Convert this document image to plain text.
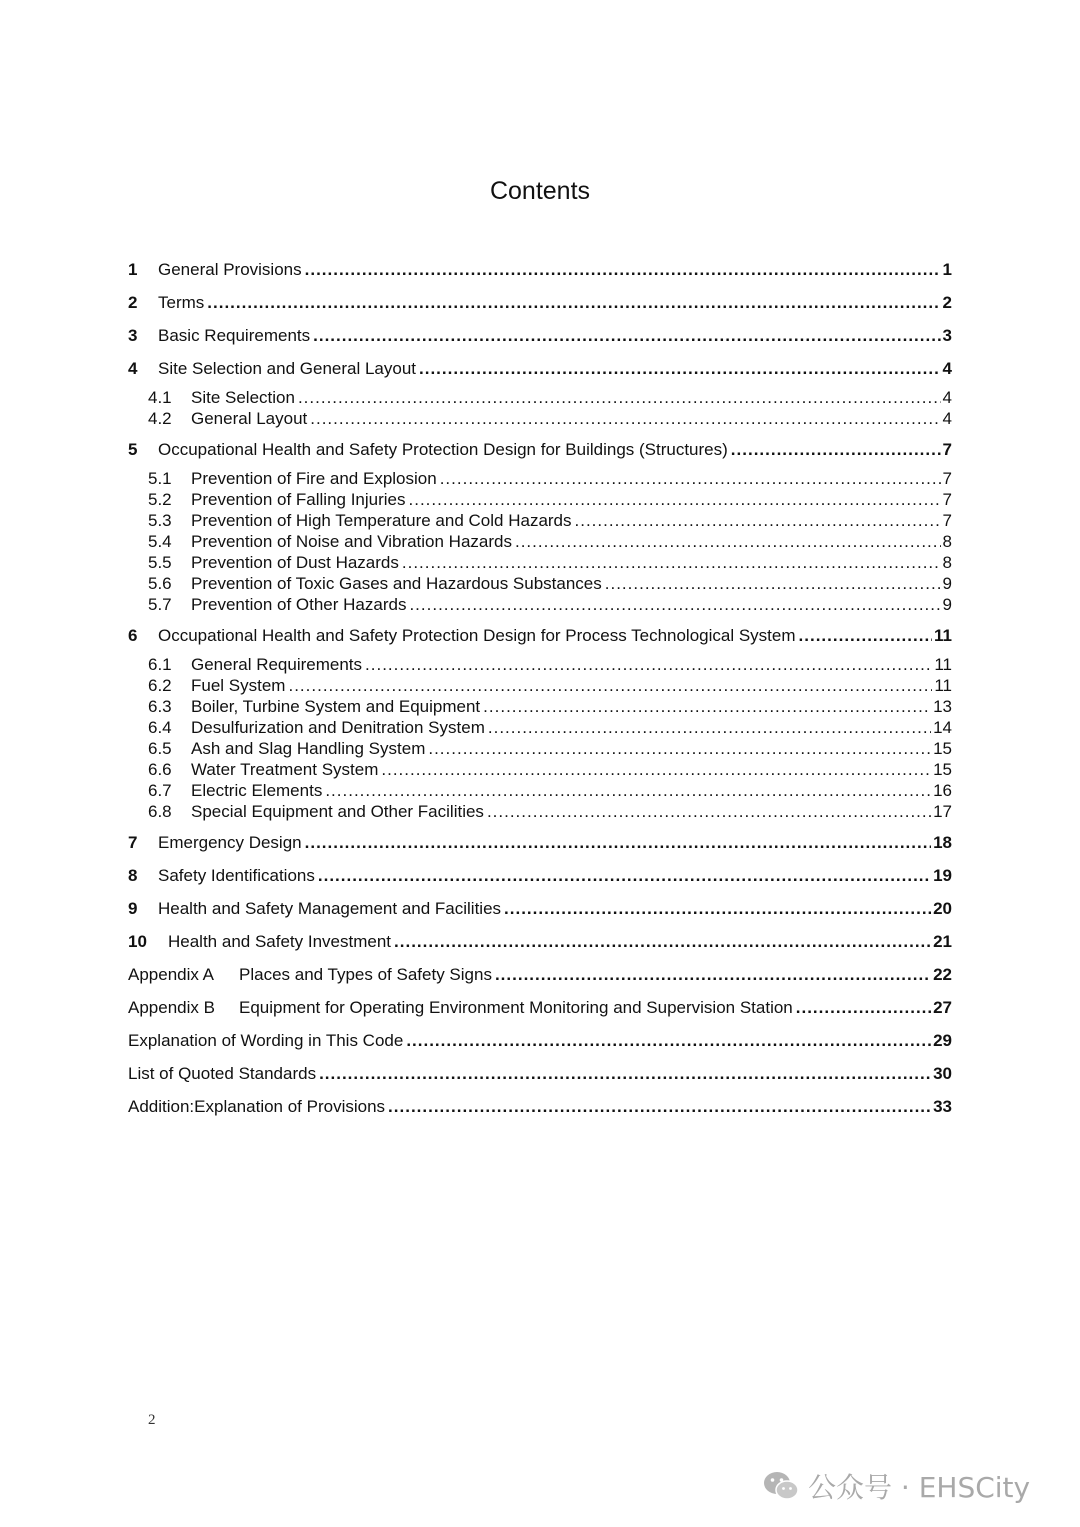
Contents
1	General Provisions .....	1
2	Terms .....	2
3	Basic Requirements .....	3
4	Site Selection and General Layout .....	4
4.1	Site Selection .....	4
4.2	General Layout .....	4
5	Occupational Health and Safety Protection Design for Buildings (Structures) .....	7
5.1	Prevention of Fire and Explosion .....	7
5.2	Prevention of Falling Injuries .....	7
5.3	Prevention of High Temperature and Cold Hazards .....	7
5.4	Prevention of Noise and Vibration Hazards .....	8
5.5	Prevention of Dust Hazards .....	8
5.6	Prevention of Toxic Gases and Hazardous Substances .....	9
5.7	Prevention of Other Hazards .....	9
6	Occupational Health and Safety Protection Design for Process Technological System .....	11
6.1	General Requirements .....	11
6.2	Fuel System .....	11
6.3	Boiler, Turbine System and Equipment .....	13
6.4	Desulfurization and Denitration System .....	14
6.5	Ash and Slag Handling System .....	15
6.6	Water Treatment System .....	15
6.7	Electric Elements .....	16
6.8	Special Equipment and Other Facilities .....	17
7	Emergency Design .....	18
8	Safety Identifications .....	19
9	Health and Safety Management and Facilities .....	20
10	Health and Safety Investment .....	21
Appendix A	Places and Types of Safety Signs .....	22
Appendix B	Equipment for Operating Environment Monitoring and Supervision Station .....	27
Explanation of Wording in This Code .....	29
List of Quoted Standards .....	30
Addition:Explanation of Provisions .....	33
2
公众号 · EHSCity
